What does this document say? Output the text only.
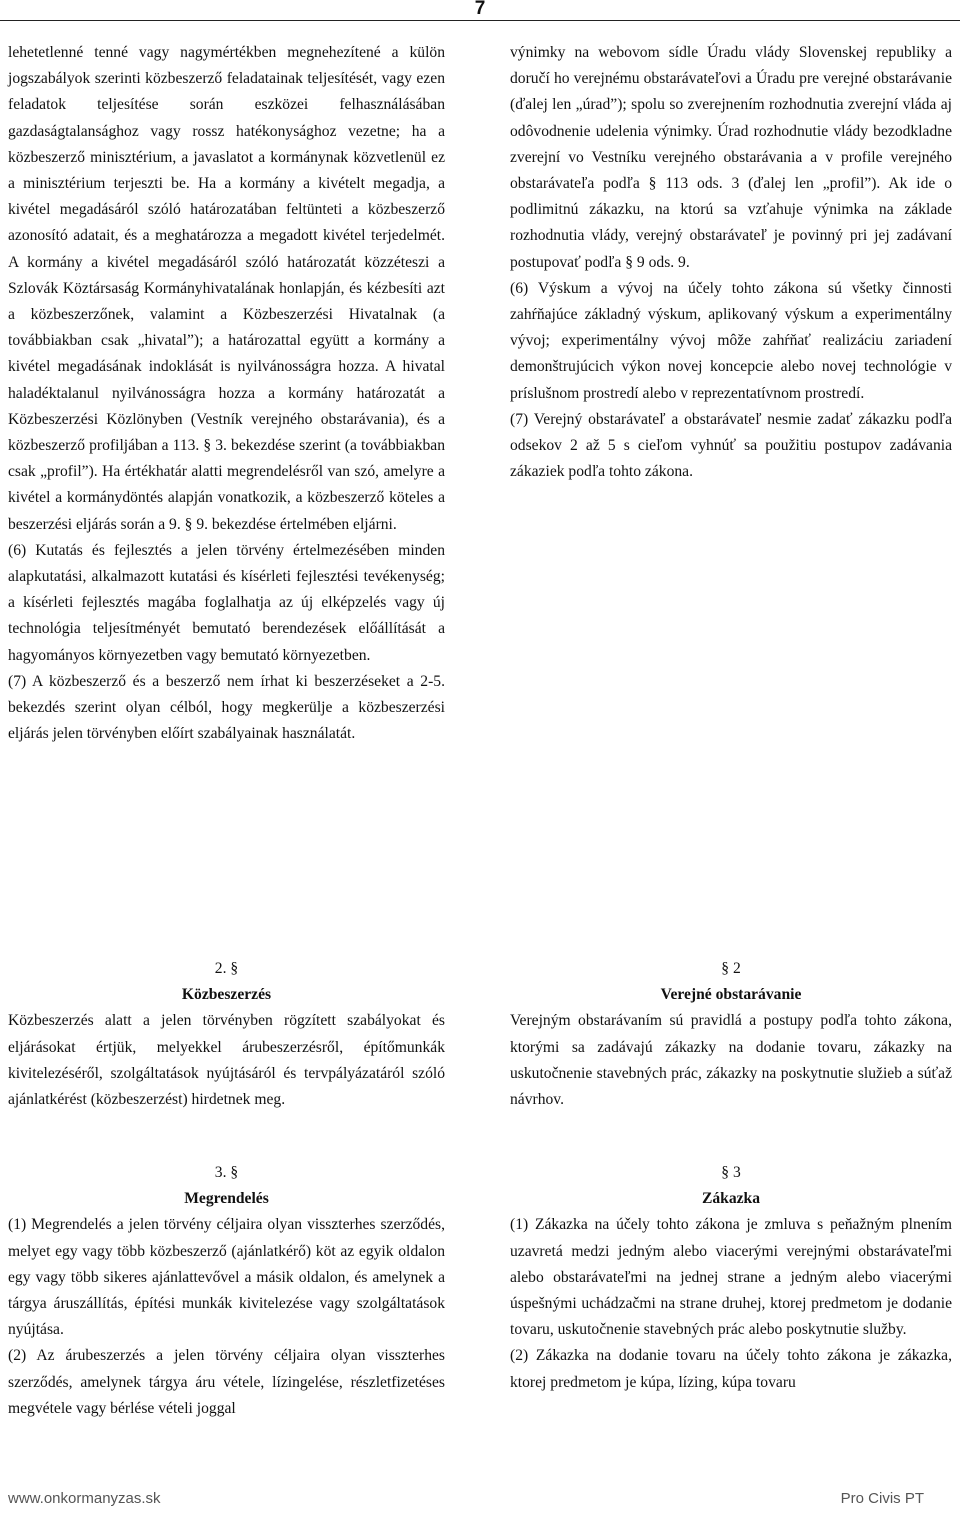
7

lehetetlenné tenné vagy nagymértékben megnehezítené a külön jogszabályok szerinti közbeszerző feladatainak teljesítését, vagy ezen feladatok teljesítése során eszközei felhasználásában gazdaságtalansághoz vagy rossz hatékonysághoz vezetne; ha a közbeszerző minisztérium, a javaslatot a kormánynak közvetlenül ez a minisztérium terjeszti be. Ha a kormány a kivételt megadja, a kivétel megadásáról szóló határozatában feltünteti a közbeszerző azonosító adatait, és a meghatározza a megadott kivétel terjedelmét. A kormány a kivétel megadásáról szóló határozatát közzéteszi a Szlovák Köztársaság Kormányhivatalának honlapján, és kézbesíti azt a közbeszerzőnek, valamint a Közbeszerzési Hivatalnak (a továbbiakban csak „hivatal”); a határozattal együtt a kormány a kivétel megadásának indoklását is nyilvánosságra hozza. A hivatal haladéktalanul nyilvánosságra hozza a kormány határozatát a Közbeszerzési Közlönyben (Vestník verejného obstarávania), és a közbeszerző profiljában a 113. § 3. bekezdése szerint (a továbbiakban csak „profil”). Ha értékhatár alatti megrendelésről van szó, amelyre a kivétel a kormánydöntés alapján vonatkozik, a közbeszerző köteles a beszerzési eljárás során a 9. § 9. bekezdése értelmében eljárni.

(6) Kutatás és fejlesztés a jelen törvény értelmezésében minden alapkutatási, alkalmazott kutatási és kísérleti fejlesztési tevékenység; a kísérleti fejlesztés magába foglalhatja az új elképzelés vagy új technológia teljesítményét bemutató berendezések előállítását a hagyományos környezetben vagy bemutató környezetben.

(7) A közbeszerző és a beszerző nem írhat ki beszerzéseket a 2-5. bekezdés szerint olyan célból, hogy megkerülje a közbeszerzési eljárás jelen törvényben előírt szabályainak használatát.

2. §
Közbeszerzés

Közbeszerzés alatt a jelen törvényben rögzített szabályokat és eljárásokat értjük, melyekkel árubeszerzésről, építőmunkák kivitelezéséről, szolgáltatások nyújtásáról és tervpályázatáról szóló ajánlatkérést (közbeszerzést) hirdetnek meg.

3. §
Megrendelés

(1) Megrendelés a jelen törvény céljaira olyan visszterhes szerződés, melyet egy vagy több közbeszerző (ajánlatkérő) köt az egyik oldalon egy vagy több sikeres ajánlattevővel a másik oldalon, és amelynek a tárgya áruszállítás, építési munkák kivitelezése vagy szolgáltatások nyújtása.

(2) Az árubeszerzés a jelen törvény céljaira olyan visszterhes szerződés, amelynek tárgya áru vétele, lízingelése, részletfizetéses megvétele vagy bérlése vételi joggal

výnimky na webovom sídle Úradu vlády Slovenskej republiky a doručí ho verejnému obstarávateľovi a Úradu pre verejné obstarávanie (ďalej len „úrad”); spolu so zverejnením rozhodnutia zverejní vláda aj odôvodnenie udelenia výnimky. Úrad rozhodnutie vlády bezodkladne zverejní vo Vestníku verejného obstarávania a v profile verejného obstarávateľa podľa § 113 ods. 3 (ďalej len „profil”). Ak ide o podlimitnú zákazku, na ktorú sa vzťahuje výnimka na základe rozhodnutia vlády, verejný obstarávateľ je povinný pri jej zadávaní postupovať podľa § 9 ods. 9.

(6) Výskum a vývoj na účely tohto zákona sú všetky činnosti zahŕňajúce základný výskum, aplikovaný výskum a experimentálny vývoj; experimentálny vývoj môže zahŕňať realizáciu zariadení demonštrujúcich výkon novej koncepcie alebo novej technológie v príslušnom prostredí alebo v reprezentatívnom prostredí.

(7) Verejný obstarávateľ a obstarávateľ nesmie zadať zákazku podľa odsekov 2 až 5 s cieľom vyhnúť sa použitiu postupov zadávania zákaziek podľa tohto zákona.

§ 2
Verejné obstarávanie

Verejným obstarávaním sú pravidlá a postupy podľa tohto zákona, ktorými sa zadávajú zákazky na dodanie tovaru, zákazky na uskutočnenie stavebných prác, zákazky na poskytnutie služieb a súťaž návrhov.

§ 3
Zákazka

(1) Zákazka na účely tohto zákona je zmluva s peňažným plnením uzavretá medzi jedným alebo viacerými verejnými obstarávateľmi alebo obstarávateľmi na jednej strane a jedným alebo viacerými úspešnými uchádzačmi na strane druhej, ktorej predmetom je dodanie tovaru, uskutočnenie stavebných prác alebo poskytnutie služby.

(2) Zákazka na dodanie tovaru na účely tohto zákona je zákazka, ktorej predmetom je kúpa, lízing, kúpa tovaru

www.onkormanyzas.sk	Pro Civis PT
